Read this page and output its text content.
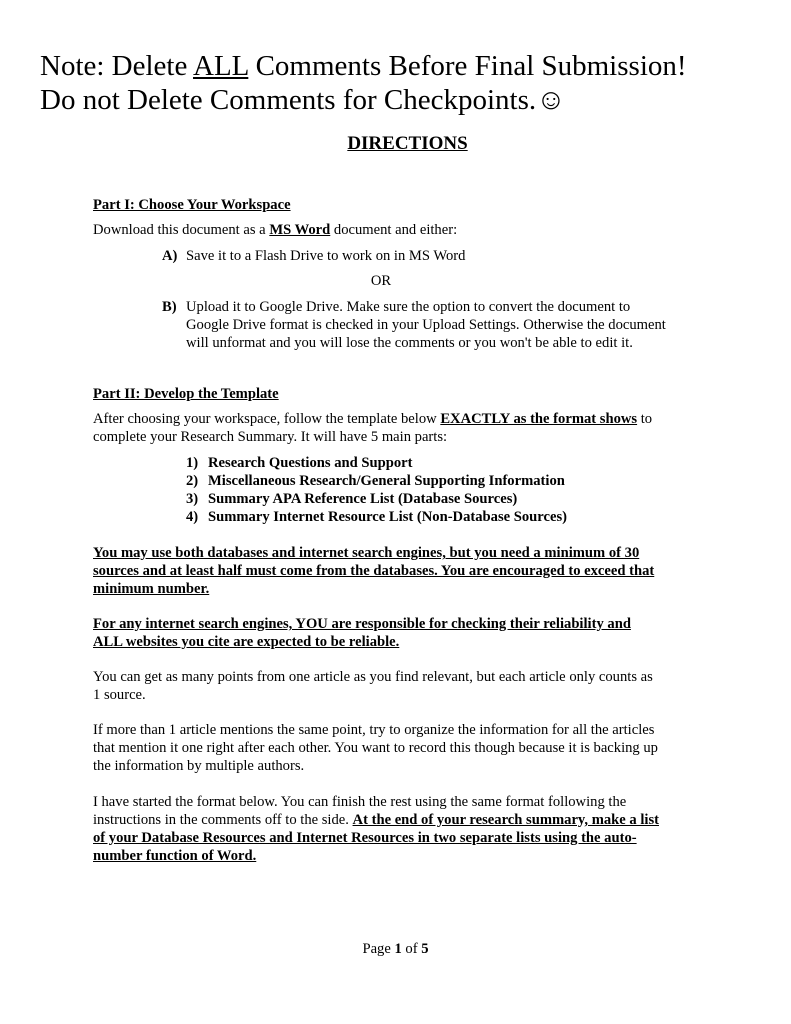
Note: Delete ALL Comments Before Final Submission!
Do not Delete Comments for Checkpoints.☺
DIRECTIONS
Part I: Choose Your Workspace
Download this document as a MS Word document and either:
A) Save it to a Flash Drive to work on in MS Word
OR
B) Upload it to Google Drive. Make sure the option to convert the document to
Google Drive format is checked in your Upload Settings. Otherwise the document
will unformat and you will lose the comments or you won't be able to edit it.
Part II: Develop the Template
After choosing your workspace, follow the template below EXACTLY as the format shows to
complete your Research Summary. It will have 5 main parts:
1) Research Questions and Support
2) Miscellaneous Research/General Supporting Information
3) Summary APA Reference List (Database Sources)
4) Summary Internet Resource List (Non-Database Sources)
You may use both databases and internet search engines, but you need a minimum of 30
sources and at least half must come from the databases. You are encouraged to exceed that
minimum number.
For any internet search engines, YOU are responsible for checking their reliability and
ALL websites you cite are expected to be reliable.
You can get as many points from one article as you find relevant, but each article only counts as
1 source.
If more than 1 article mentions the same point, try to organize the information for all the articles
that mention it one right after each other. You want to record this though because it is backing up
the information by multiple authors.
I have started the format below. You can finish the rest using the same format following the
instructions in the comments off to the side. At the end of your research summary, make a list
of your Database Resources and Internet Resources in two separate lists using the auto-
number function of Word.
Page 1 of 5
